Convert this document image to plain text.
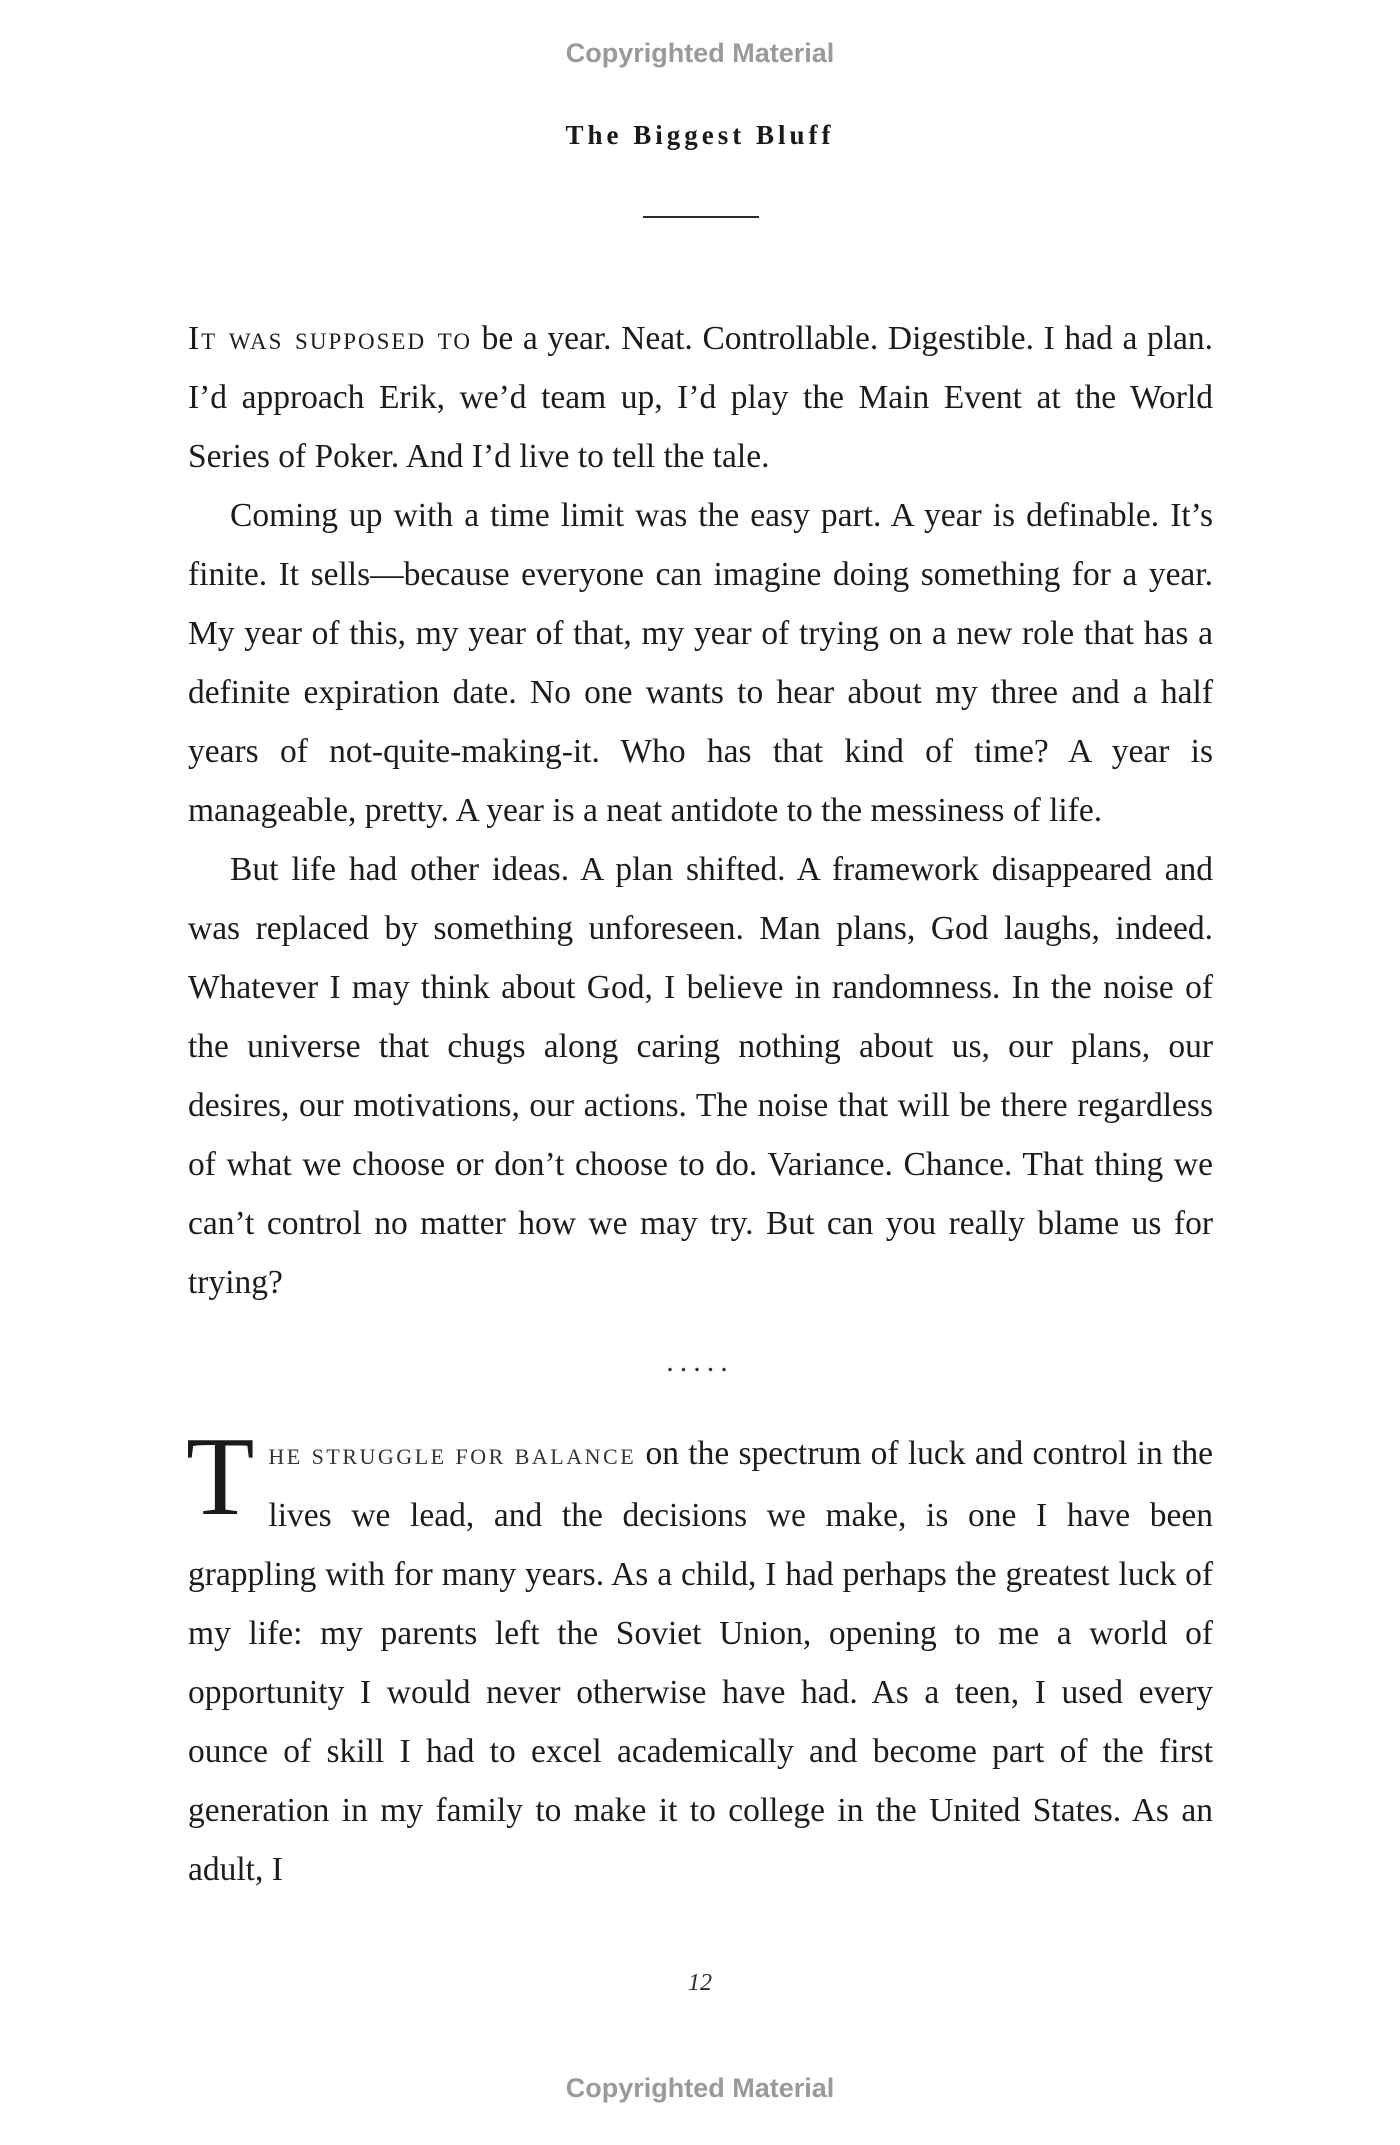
Copyrighted Material
The Biggest Bluff

It was supposed to be a year. Neat. Controllable. Digestible. I had a plan. I’d approach Erik, we’d team up, I’d play the Main Event at the World Series of Poker. And I’d live to tell the tale.

Coming up with a time limit was the easy part. A year is definable. It’s finite. It sells—because everyone can imagine doing something for a year. My year of this, my year of that, my year of trying on a new role that has a definite expiration date. No one wants to hear about my three and a half years of not-quite-making-it. Who has that kind of time? A year is manageable, pretty. A year is a neat antidote to the messiness of life.

But life had other ideas. A plan shifted. A framework disappeared and was replaced by something unforeseen. Man plans, God laughs, indeed. Whatever I may think about God, I believe in randomness. In the noise of the universe that chugs along caring nothing about us, our plans, our desires, our motivations, our actions. The noise that will be there regardless of what we choose or don’t choose to do. Variance. Chance. That thing we can’t control no matter how we may try. But can you really blame us for trying?

.....

THE STRUGGLE FOR BALANCE on the spectrum of luck and control in the lives we lead, and the decisions we make, is one I have been grappling with for many years. As a child, I had perhaps the greatest luck of my life: my parents left the Soviet Union, opening to me a world of opportunity I would never otherwise have had. As a teen, I used every ounce of skill I had to excel academically and become part of the first generation in my family to make it to college in the United States. As an adult, I

12
Copyrighted Material
